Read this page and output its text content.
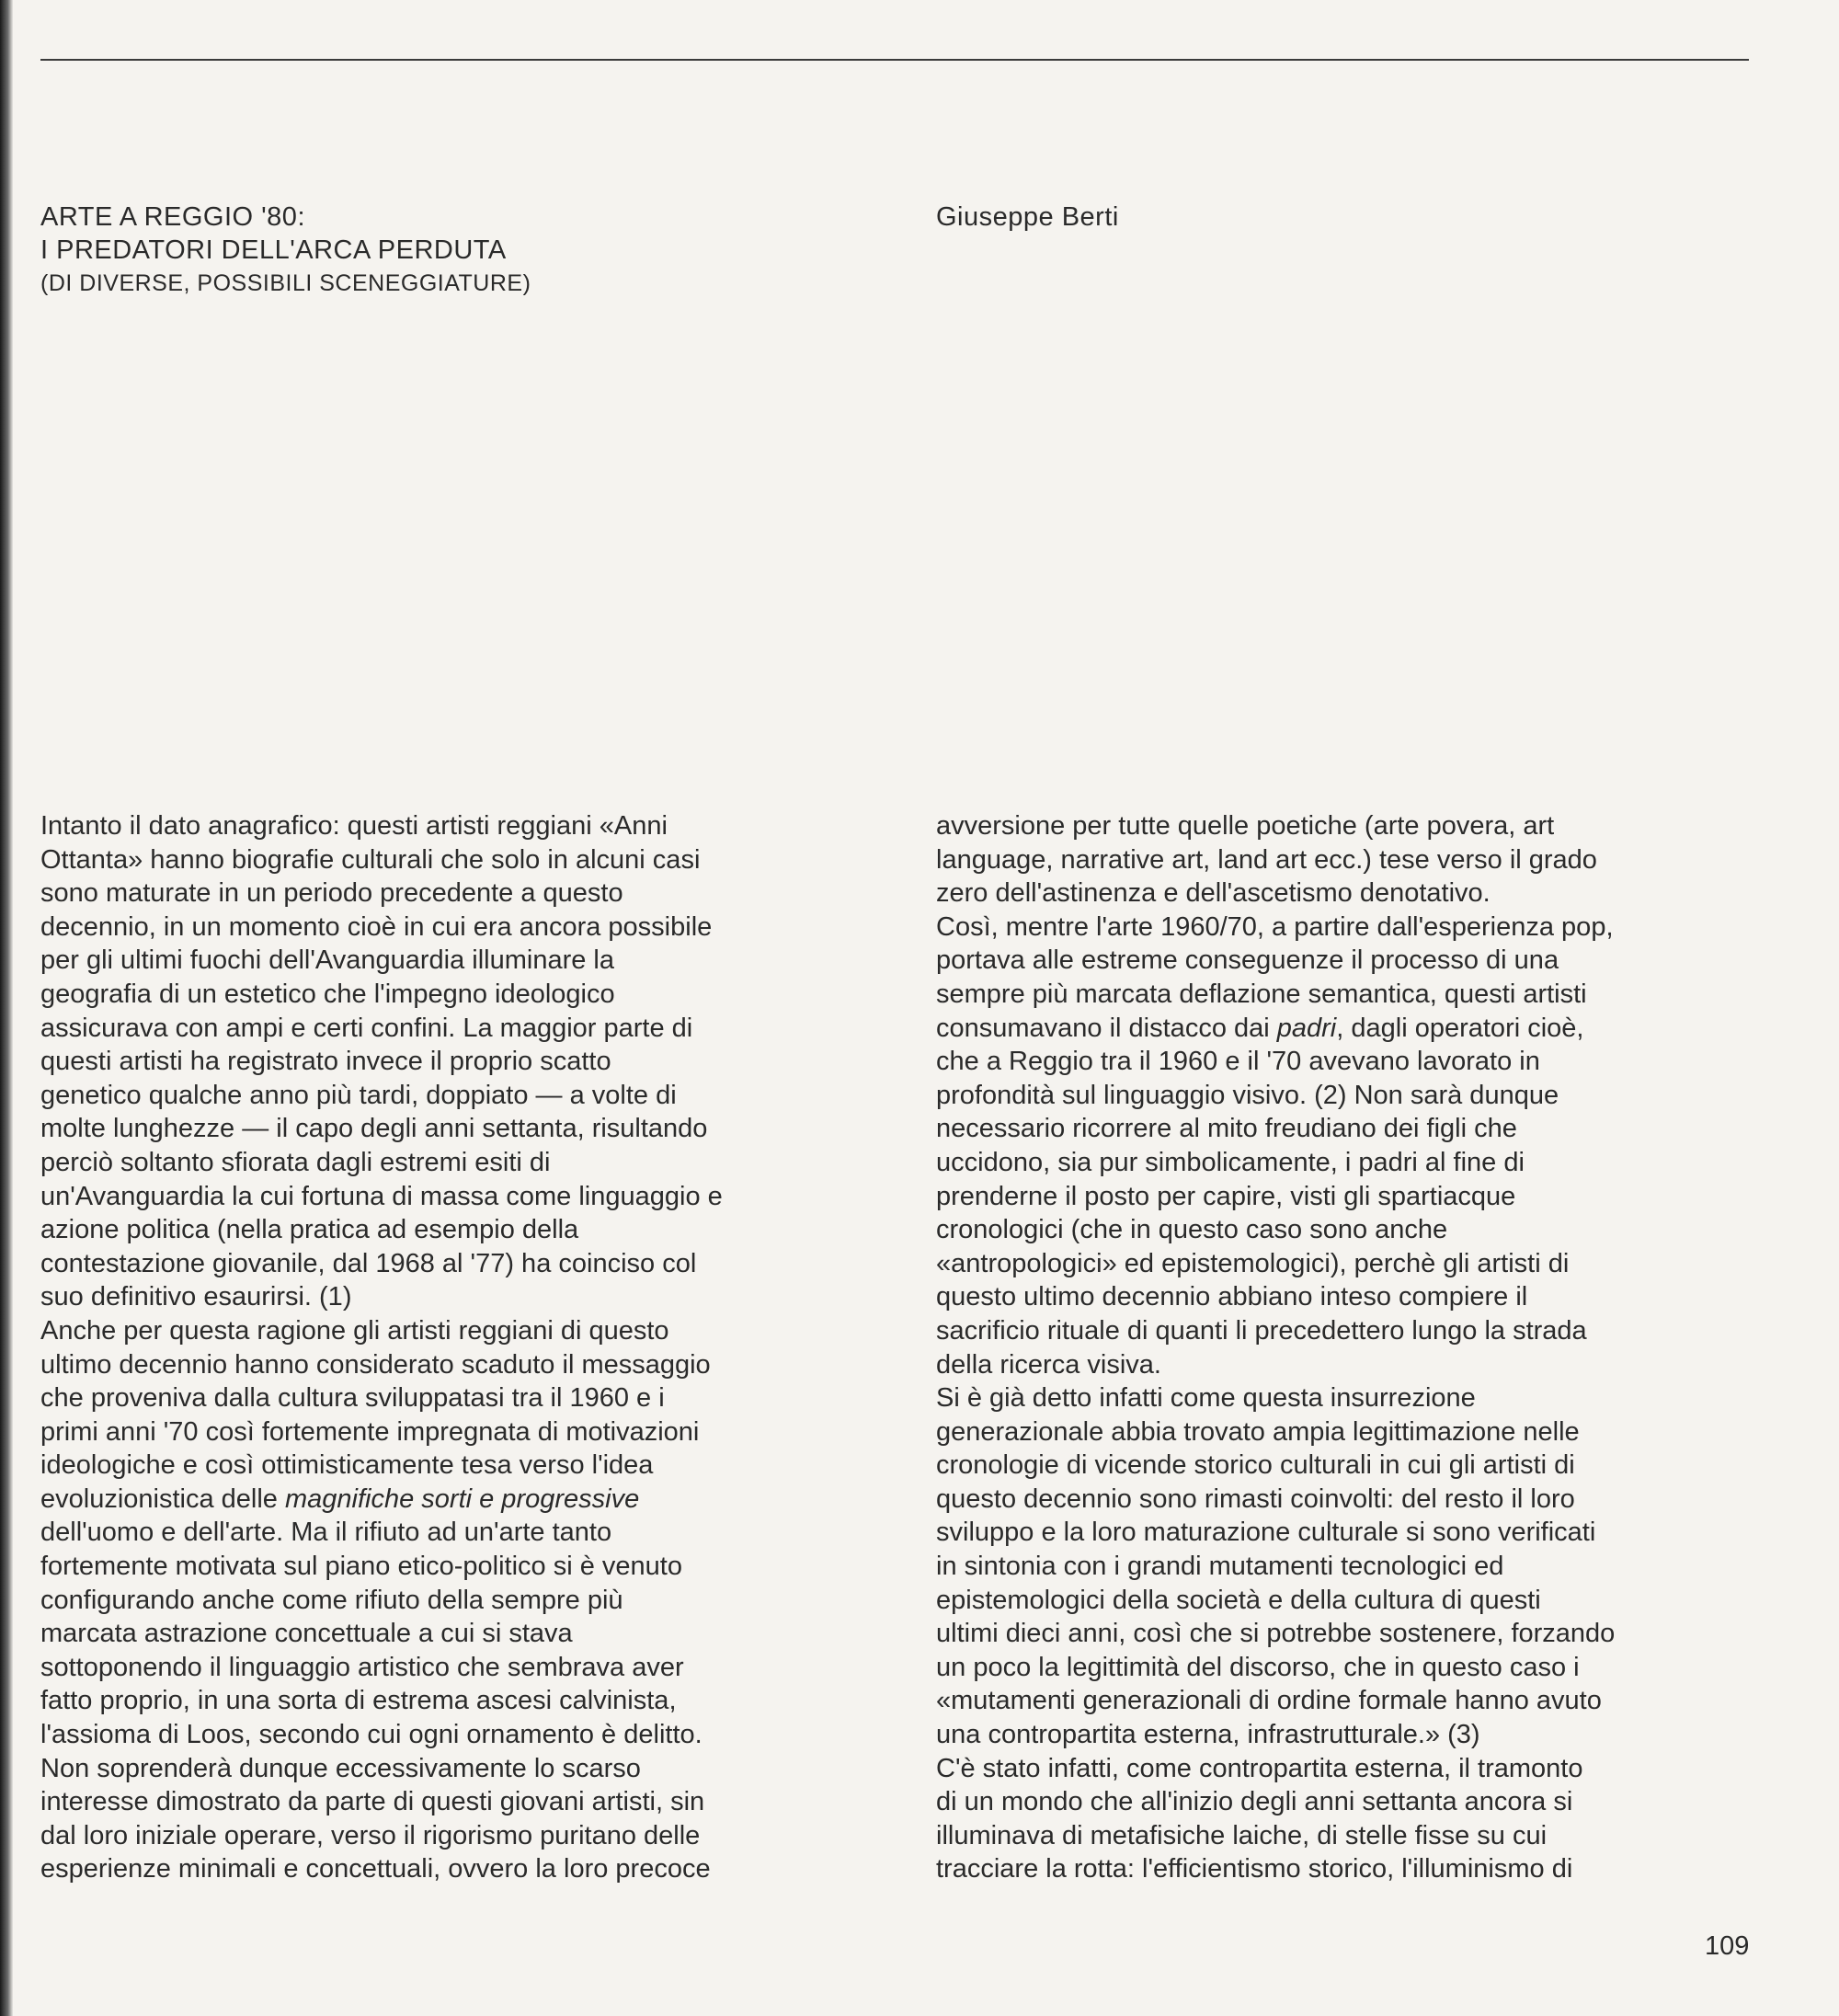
ARTE A REGGIO '80:
I PREDATORI DELL'ARCA PERDUTA
(DI DIVERSE, POSSIBILI SCENEGGIATURE)
Giuseppe Berti
Intanto il dato anagrafico: questi artisti reggiani «Anni
Ottanta» hanno biografie culturali che solo in alcuni casi
sono maturate in un periodo precedente a questo
decennio, in un momento cioè in cui era ancora possibile
per gli ultimi fuochi dell'Avanguardia illuminare la
geografia di un estetico che l'impegno ideologico
assicurava con ampi e certi confini. La maggior parte di
questi artisti ha registrato invece il proprio scatto
genetico qualche anno più tardi, doppiato — a volte di
molte lunghezze — il capo degli anni settanta, risultando
perciò soltanto sfiorata dagli estremi esiti di
un'Avanguardia la cui fortuna di massa come linguaggio e
azione politica (nella pratica ad esempio della
contestazione giovanile, dal 1968 al '77) ha coinciso col
suo definitivo esaurirsi. (1)
Anche per questa ragione gli artisti reggiani di questo
ultimo decennio hanno considerato scaduto il messaggio
che proveniva dalla cultura sviluppatasi tra il 1960 e i
primi anni '70 così fortemente impregnata di motivazioni
ideologiche e così ottimisticamente tesa verso l'idea
evoluzionistica delle magnifiche sorti e progressive
dell'uomo e dell'arte. Ma il rifiuto ad un'arte tanto
fortemente motivata sul piano etico-politico si è venuto
configurando anche come rifiuto della sempre più
marcata astrazione concettuale a cui si stava
sottoponendo il linguaggio artistico che sembrava aver
fatto proprio, in una sorta di estrema ascesi calvinista,
l'assioma di Loos, secondo cui ogni ornamento è delitto.
Non soprenderà dunque eccessivamente lo scarso
interesse dimostrato da parte di questi giovani artisti, sin
dal loro iniziale operare, verso il rigorismo puritano delle
esperienze minimali e concettuali, ovvero la loro precoce
avversione per tutte quelle poetiche (arte povera, art
language, narrative art, land art ecc.) tese verso il grado
zero dell'astinenza e dell'ascetismo denotativo.
Così, mentre l'arte 1960/70, a partire dall'esperienza pop,
portava alle estreme conseguenze il processo di una
sempre più marcata deflazione semantica, questi artisti
consumavano il distacco dai padri, dagli operatori cioè,
che a Reggio tra il 1960 e il '70 avevano lavorato in
profondità sul linguaggio visivo. (2) Non sarà dunque
necessario ricorrere al mito freudiano dei figli che
uccidono, sia pur simbolicamente, i padri al fine di
prenderne il posto per capire, visti gli spartiacque
cronologici (che in questo caso sono anche
«antropologici» ed epistemologici), perchè gli artisti di
questo ultimo decennio abbiano inteso compiere il
sacrificio rituale di quanti li precedettero lungo la strada
della ricerca visiva.
Si è già detto infatti come questa insurrezione
generazionale abbia trovato ampia legittimazione nelle
cronologie di vicende storico culturali in cui gli artisti di
questo decennio sono rimasti coinvolti: del resto il loro
sviluppo e la loro maturazione culturale si sono verificati
in sintonia con i grandi mutamenti tecnologici ed
epistemologici della società e della cultura di questi
ultimi dieci anni, così che si potrebbe sostenere, forzando
un poco la legittimità del discorso, che in questo caso i
«mutamenti generazionali di ordine formale hanno avuto
una contropartita esterna, infrastrutturale.» (3)
C'è stato infatti, come contropartita esterna, il tramonto
di un mondo che all'inizio degli anni settanta ancora si
illuminava di metafisiche laiche, di stelle fisse su cui
tracciare la rotta: l'efficientismo storico, l'illuminismo di
109
